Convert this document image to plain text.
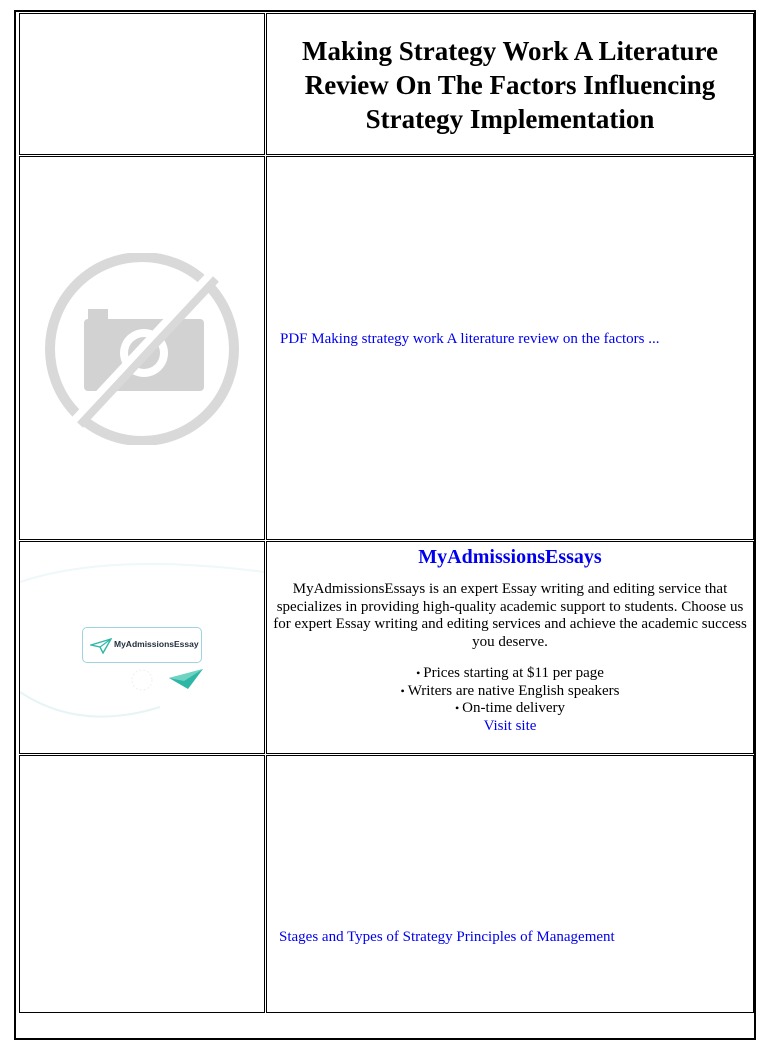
Making Strategy Work A Literature Review On The Factors Influencing Strategy Implementation
PDF Making strategy work A literature review on the factors ...
MyAdmissionsEssay

MyAdmissionsEssays

MyAdmissionsEssays is an expert Essay writing and editing service that specializes in providing high-quality academic support to students. Choose us for expert Essay writing and editing services and achieve the academic success you deserve.

• Prices starting at $11 per page
• Writers are native English speakers
• On-time delivery
Visit site
Stages and Types of Strategy Principles of Management
